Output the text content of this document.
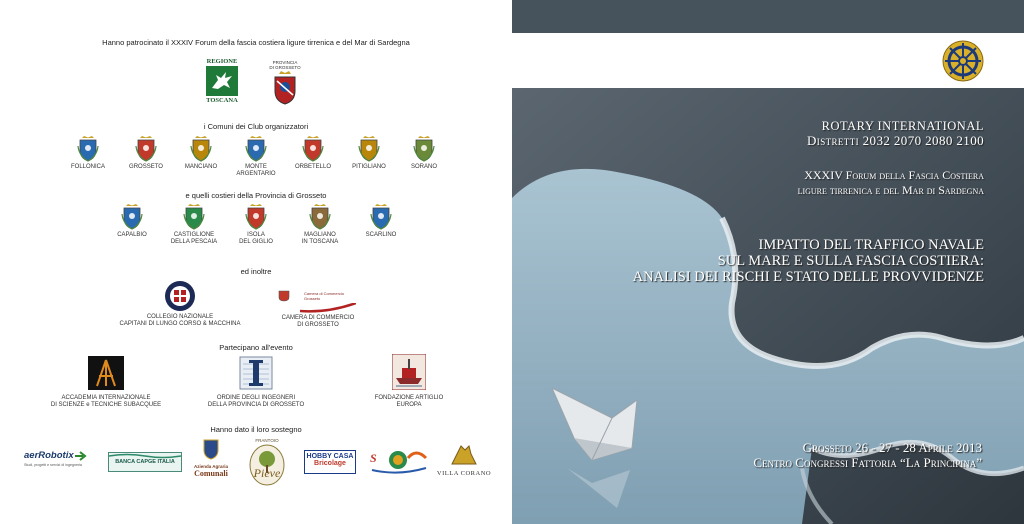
Hanno patrocinato il XXXIV Forum della fascia costiera ligure tirrenica e del Mar di Sardegna
REGIONE
TOSCANA
PROVINCIA
DI GROSSETO
i Comuni dei Club organizzatori
FOLLONICA	GROSSETO	MANCIANO	MONTE
ARGENTARIO
ORBETELLO	PITIGLIANO	SORANO
e quelli costieri della Provincia di Grosseto
CAPALBIO	CASTIGLIONE
DELLA PESCAIA
ISOLA
DEL GIGLIO
MAGLIANO
IN TOSCANA
SCARLINO
ed inoltre
COLLEGIO NAZIONALE
CAPITANI DI LUNGO CORSO & MACCHINA
Camera di Commercio Grosseto
CAMERA DI COMMERCIO
DI GROSSETO
Partecipano all'evento
ACCADEMIA INTERNAZIONALE
DI SCIENZE e TECNICHE SUBACQUEE
ORDINE DEGLI INGEGNERI
DELLA PROVINCIA DI GROSSETO
FONDAZIONE ARTIGLIO
EUROPA
Hanno dato il loro sostegno
aerRobotix
Studi, progetti e servizi di ingegneria	BANCA CAPGE ITALIA
Azienda Agraria
Comunali
FRANTOIO
Pieve
HOBBY CASA
Bricolage	S
VILLA CORANO
ROTARY INTERNATIONAL
Distretti 2032 2070 2080 2100
XXXIV Forum della Fascia Costiera
ligure tirrenica e del Mar di Sardegna
IMPATTO DEL TRAFFICO NAVALE
SUL MARE E SULLA FASCIA COSTIERA:
ANALISI DEI RISCHI E STATO DELLE PROVVIDENZE
Grosseto 26 - 27 - 28 Aprile 2013
Centro Congressi Fattoria “La Principina”
